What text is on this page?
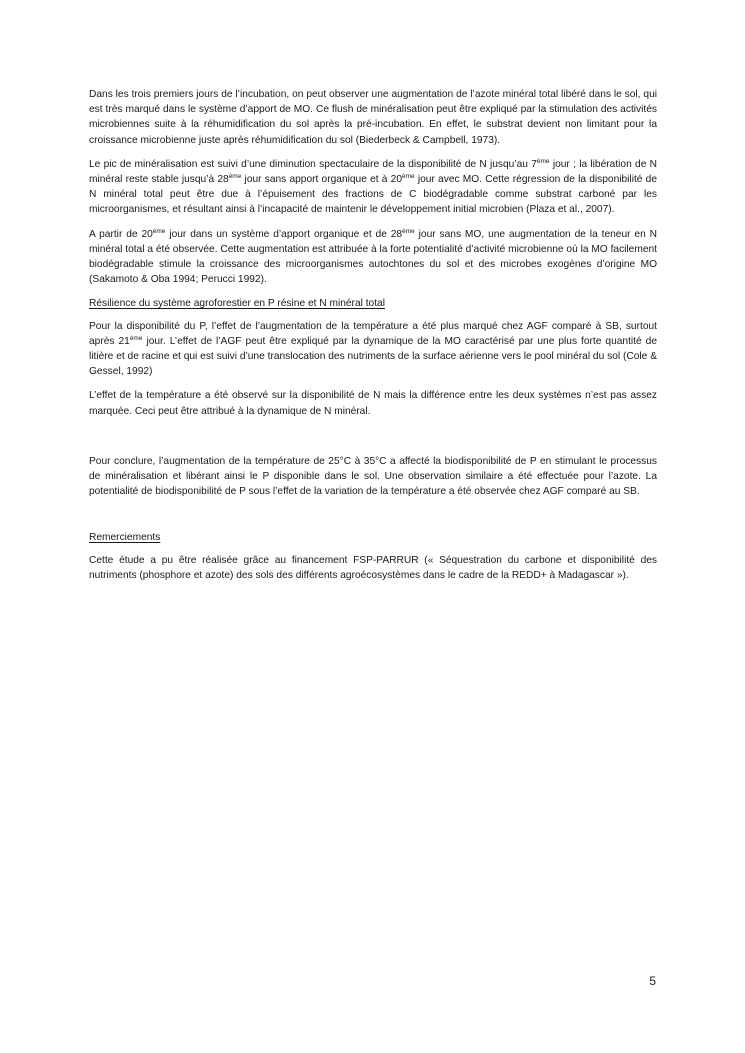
Dans les trois premiers jours de l’incubation, on peut observer une augmentation de l’azote minéral total libéré dans le sol, qui est très marqué dans le système d’apport de MO. Ce flush de minéralisation peut être expliqué par la stimulation des activités microbiennes suite à la réhumidification du sol après la pré-incubation. En effet, le substrat devient non limitant pour la croissance microbienne juste après réhumidification du sol (Biederbeck & Campbell, 1973).

Le pic de minéralisation est suivi d’une diminution spectaculaire de la disponibilité de N jusqu’au 7ème jour ; la libération de N minéral reste stable jusqu’à 28ème jour sans apport organique et à 20ème jour avec MO. Cette régression de la disponibilité de N minéral total peut être due à l’épuisement des fractions de C biodégradable comme substrat carboné par les microorganismes, et résultant ainsi à l’incapacité de maintenir le développement initial microbien (Plaza et al., 2007).

A partir de 20ème jour dans un système d’apport organique et de 28ème jour sans MO, une augmentation de la teneur en N minéral total a été observée. Cette augmentation est attribuée à la forte potentialité d’activité microbienne où la MO facilement biodégradable stimule la croissance des microorganismes autochtones du sol et des microbes exogènes d’origine MO (Sakamoto & Oba 1994; Perucci 1992).

Résilience du système agroforestier en P résine et N minéral total

Pour la disponibilité du P, l’effet de l’augmentation de la température a été plus marqué chez AGF comparé à SB, surtout après 21ème jour. L’effet de l’AGF peut être expliqué par la dynamique de la MO caractérisé par une plus forte quantité de litière et de racine et qui est suivi d’une translocation des nutriments de la surface aérienne vers le pool minéral du sol (Cole & Gessel, 1992)

L’effet de la température a été observé sur la disponibilité de N mais la différence entre les deux systèmes n’est pas assez marquée. Ceci peut être attribué à la dynamique de N minéral.

Pour conclure, l’augmentation de la température de 25°C à 35°C a affecté la biodisponibilité de P en stimulant le processus de minéralisation et libérant ainsi le P disponible dans le sol. Une observation similaire a été effectuée pour l’azote. La potentialité de biodisponibilité de P sous l’effet de la variation de la température a été observée chez AGF comparé au SB.

Remerciements

Cette étude a pu être réalisée grâce au financement FSP-PARRUR (« Séquestration du carbone et disponibilité des nutriments (phosphore et azote) des sols des différents agroécosystèmes dans le cadre de la REDD+ à Madagascar »).

5
